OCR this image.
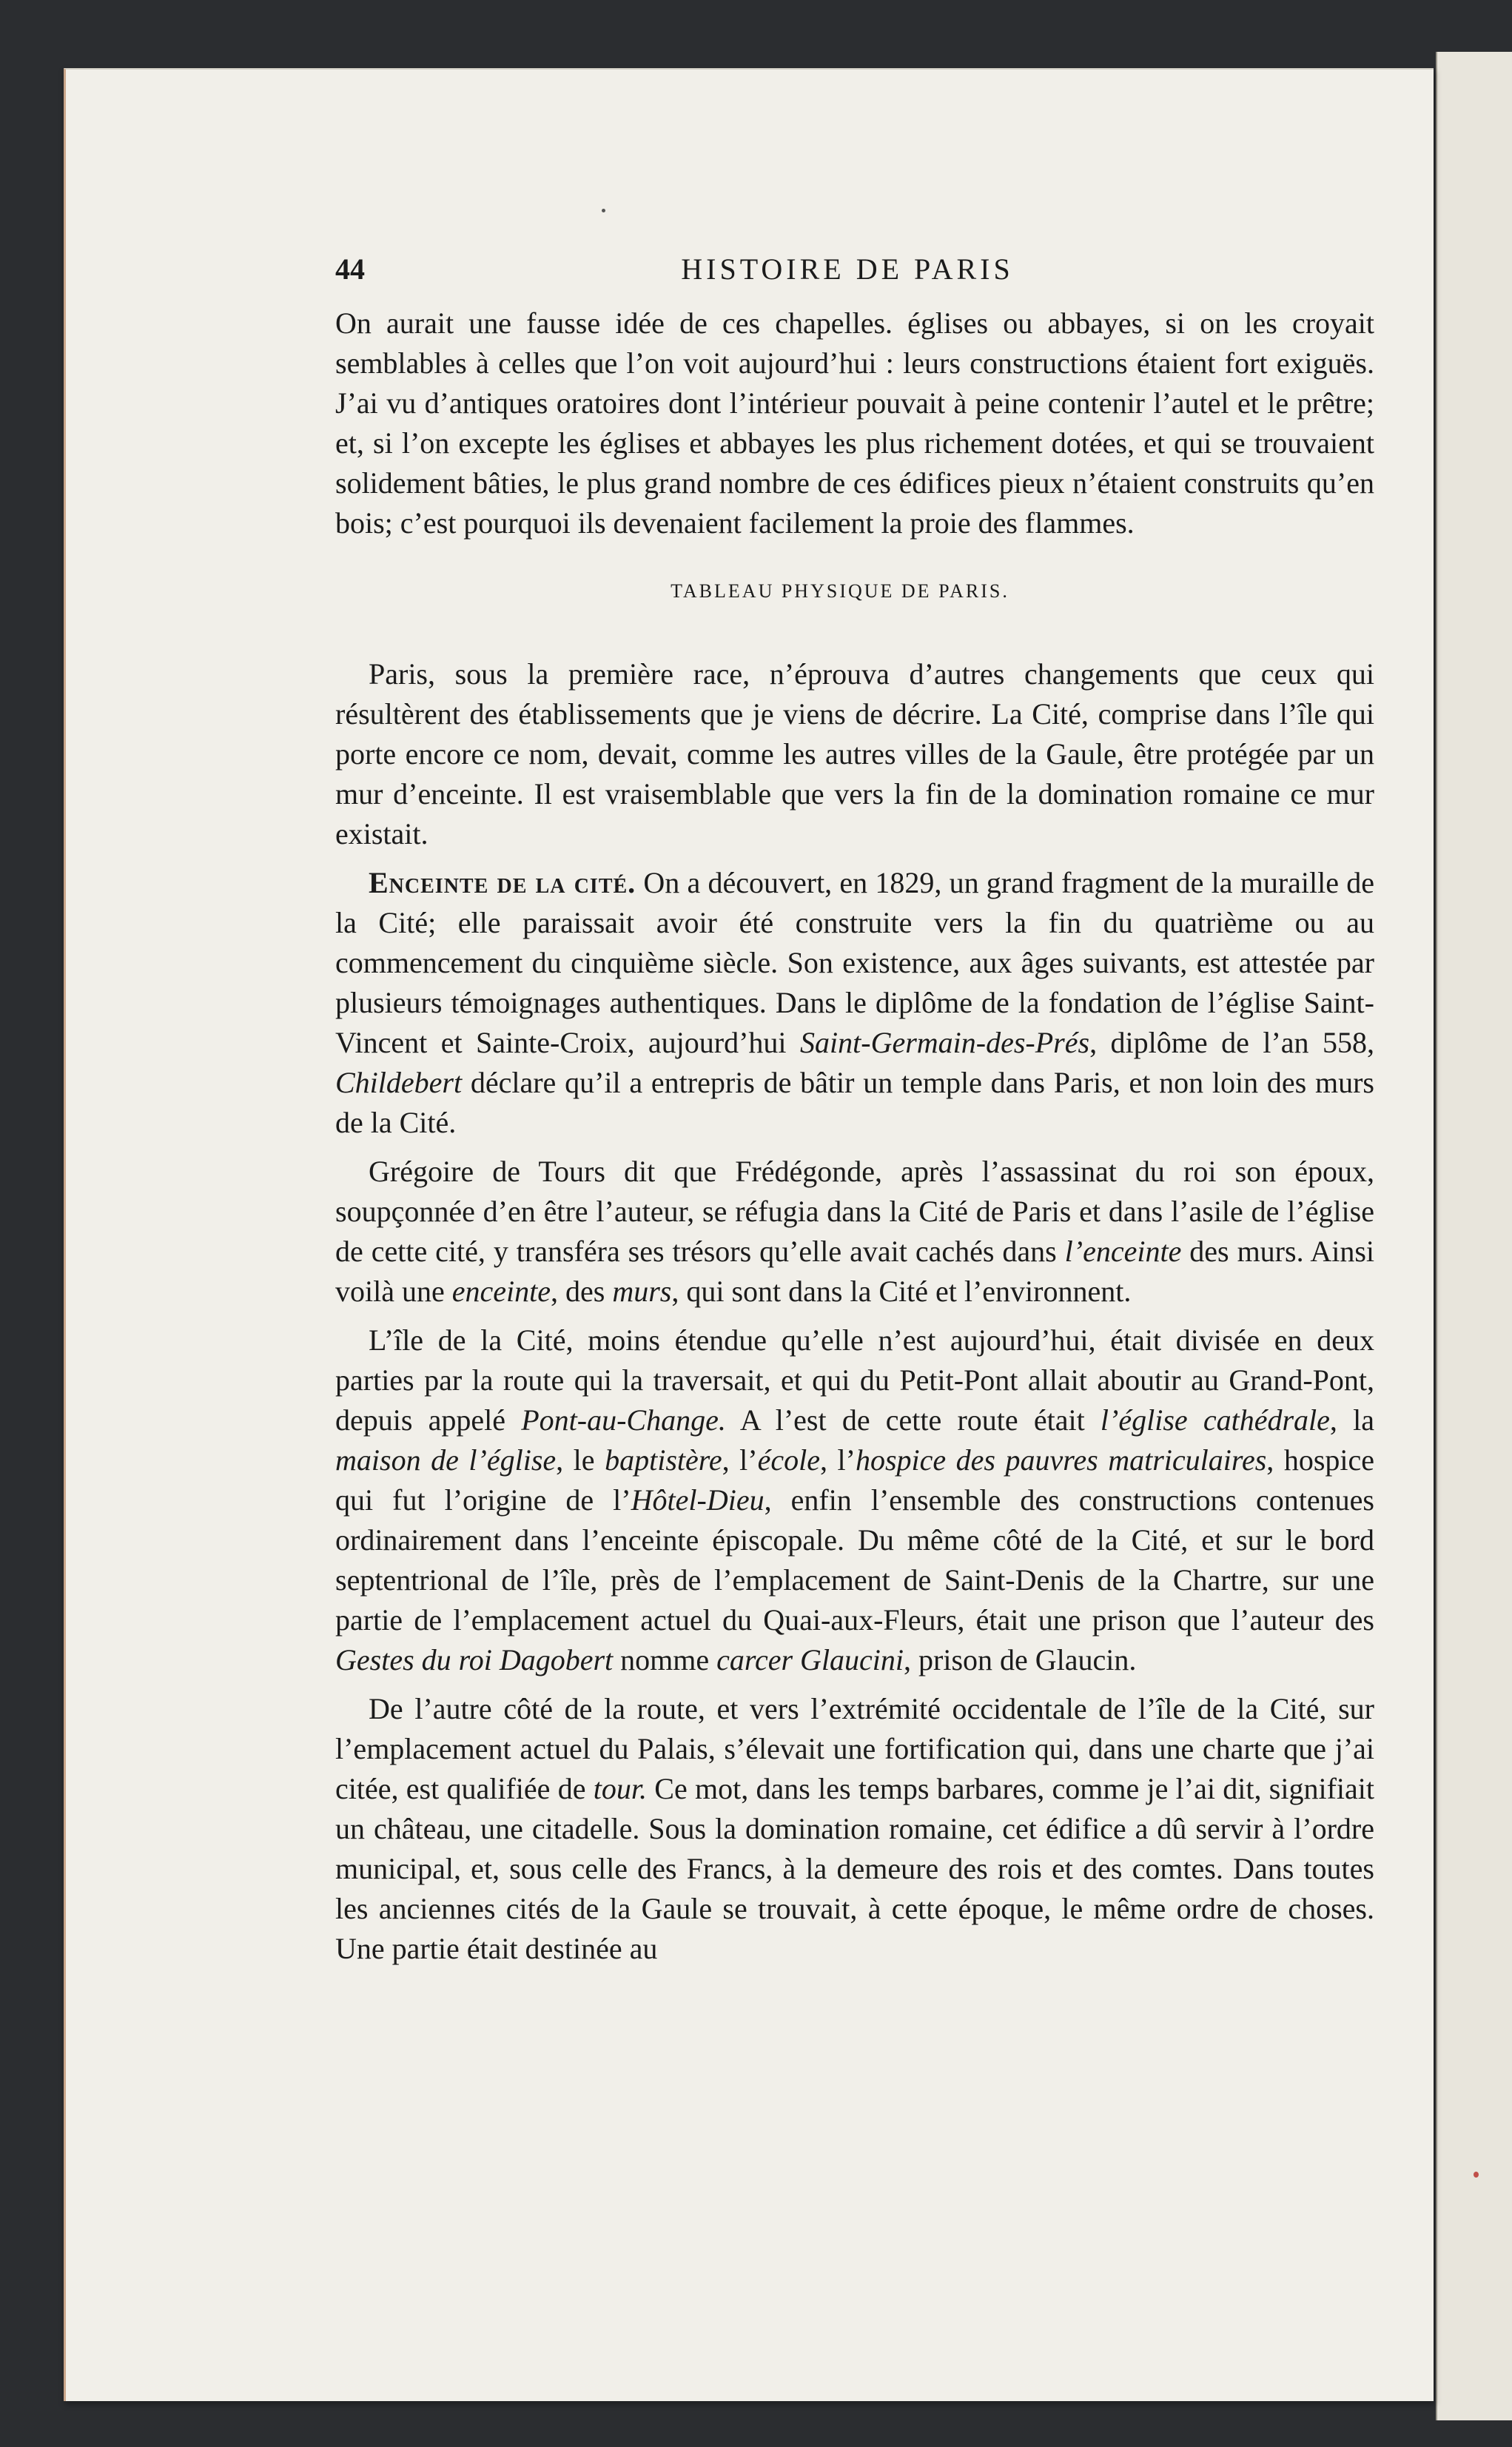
44	HISTOIRE DE PARIS

On aurait une fausse idée de ces chapelles. églises ou abbayes, si on les croyait semblables à celles que l’on voit aujourd’hui : leurs constructions étaient fort exiguës. J’ai vu d’antiques oratoires dont l’intérieur pouvait à peine contenir l’autel et le prêtre; et, si l’on excepte les églises et abbayes les plus richement dotées, et qui se trouvaient solidement bâties, le plus grand nombre de ces édifices pieux n’étaient construits qu’en bois; c’est pourquoi ils devenaient facilement la proie des flammes.

TABLEAU PHYSIQUE DE PARIS.

Paris, sous la première race, n’éprouva d’autres changements que ceux qui résultèrent des établissements que je viens de décrire. La Cité, comprise dans l’île qui porte encore ce nom, devait, comme les autres villes de la Gaule, être protégée par un mur d’enceinte. Il est vraisemblable que vers la fin de la domination romaine ce mur existait.

Enceinte de la cité. On a découvert, en 1829, un grand fragment de la muraille de la Cité; elle paraissait avoir été construite vers la fin du quatrième ou au commencement du cinquième siècle. Son existence, aux âges suivants, est attestée par plusieurs témoignages authentiques. Dans le diplôme de la fondation de l’église Saint-Vincent et Sainte-Croix, aujourd’hui Saint-Germain-des-Prés, diplôme de l’an 558, Childebert déclare qu’il a entrepris de bâtir un temple dans Paris, et non loin des murs de la Cité.

Grégoire de Tours dit que Frédégonde, après l’assassinat du roi son époux, soupçonnée d’en être l’auteur, se réfugia dans la Cité de Paris et dans l’asile de l’église de cette cité, y transféra ses trésors qu’elle avait cachés dans l’enceinte des murs. Ainsi voilà une enceinte, des murs, qui sont dans la Cité et l’environnent.

L’île de la Cité, moins étendue qu’elle n’est aujourd’hui, était divisée en deux parties par la route qui la traversait, et qui du Petit-Pont allait aboutir au Grand-Pont, depuis appelé Pont-au-Change. A l’est de cette route était l’église cathédrale, la maison de l’église, le baptistère, l’école, l’hospice des pauvres matriculaires, hospice qui fut l’origine de l’Hôtel-Dieu, enfin l’ensemble des constructions contenues ordinairement dans l’enceinte épiscopale. Du même côté de la Cité, et sur le bord septentrional de l’île, près de l’emplacement de Saint-Denis de la Chartre, sur une partie de l’emplacement actuel du Quai-aux-Fleurs, était une prison que l’auteur des Gestes du roi Dagobert nomme carcer Glaucini, prison de Glaucin.

De l’autre côté de la route, et vers l’extrémité occidentale de l’île de la Cité, sur l’emplacement actuel du Palais, s’élevait une fortification qui, dans une charte que j’ai citée, est qualifiée de tour. Ce mot, dans les temps barbares, comme je l’ai dit, signifiait un château, une citadelle. Sous la domination romaine, cet édifice a dû servir à l’ordre municipal, et, sous celle des Francs, à la demeure des rois et des comtes. Dans toutes les anciennes cités de la Gaule se trouvait, à cette époque, le même ordre de choses. Une partie était destinée au
